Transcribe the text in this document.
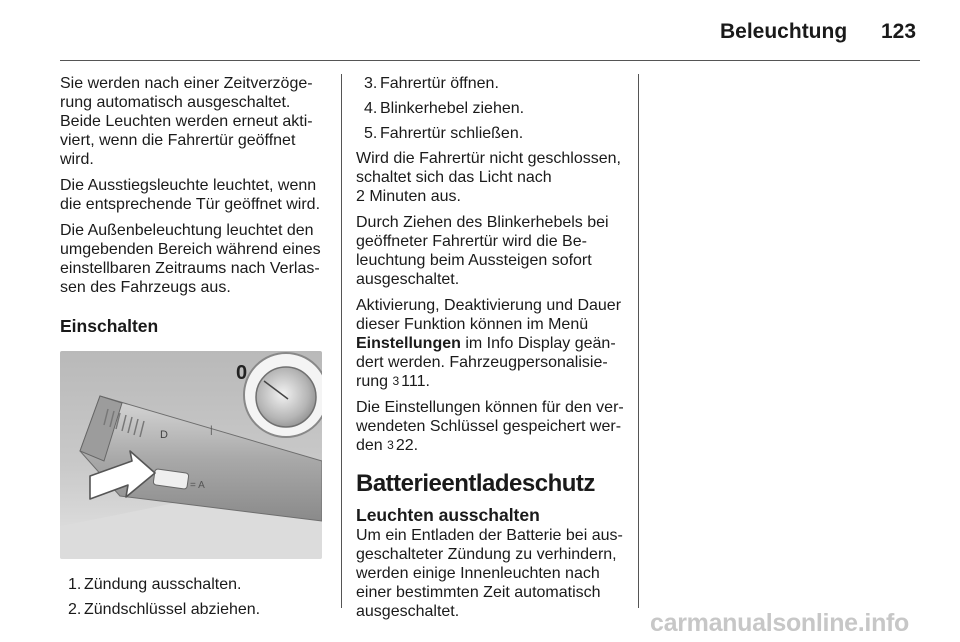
Beleuchtung 123

Sie werden nach einer Zeitverzöge-
rung automatisch ausgeschaltet.
Beide Leuchten werden erneut akti-
viert, wenn die Fahrertür geöffnet
wird.

Die Ausstiegsleuchte leuchtet, wenn
die entsprechende Tür geöffnet wird.

Die Außenbeleuchtung leuchtet den
umgebenden Bereich während eines
einstellbaren Zeitraums nach Verlas-
sen des Fahrzeugs aus.

Einschalten
D
= A
|
0
1. Zündung ausschalten.
2. Zündschlüssel abziehen.
3. Fahrertür öffnen.
4. Blinkerhebel ziehen.
5. Fahrertür schließen.

Wird die Fahrertür nicht geschlossen,
schaltet sich das Licht nach
2 Minuten aus.

Durch Ziehen des Blinkerhebels bei
geöffneter Fahrertür wird die Be-
leuchtung beim Aussteigen sofort
ausgeschaltet.

Aktivierung, Deaktivierung und Dauer
dieser Funktion können im Menü
Einstellungen im Info Display geän-
dert werden. Fahrzeugpersonalisie-
rung 3 111.

Die Einstellungen können für den ver-
wendeten Schlüssel gespeichert wer-
den 3 22.

Batterieentladeschutz
Leuchten ausschalten

Um ein Entladen der Batterie bei aus-
geschalteter Zündung zu verhindern,
werden einige Innenleuchten nach
einer bestimmten Zeit automatisch
ausgeschaltet.	carmanualsonline.info
